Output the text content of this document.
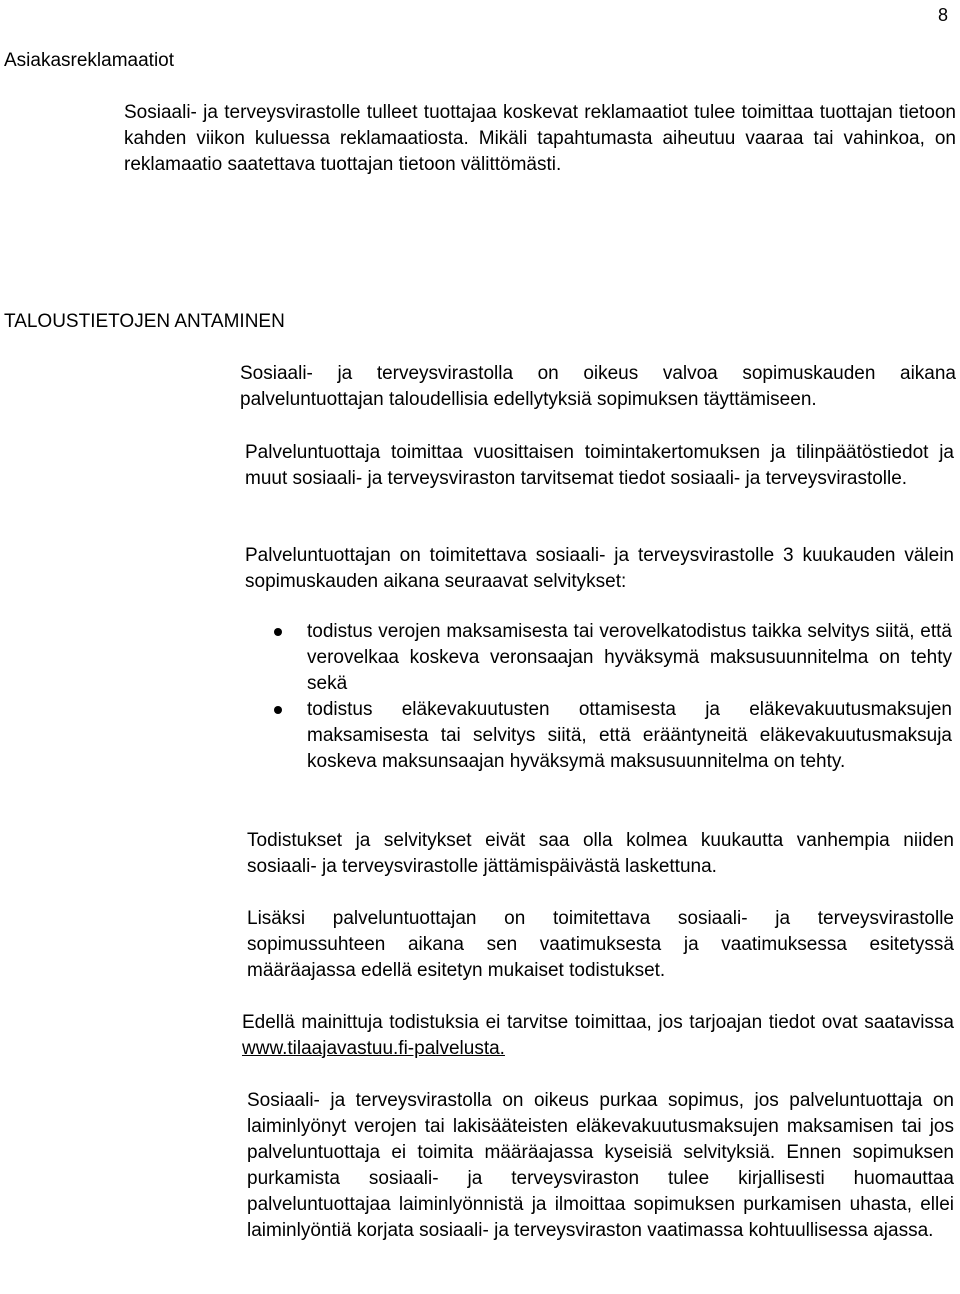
8
Asiakasreklamaatiot

Sosiaali- ja terveysvirastolle tulleet tuottajaa koskevat reklamaatiot tulee toimittaa tuottajan tietoon kahden viikon kuluessa reklamaatiosta. Mikäli tapahtumasta aiheutuu vaaraa tai vahinkoa, on reklamaatio saatettava tuottajan tietoon välittömästi.

TALOUSTIETOJEN ANTAMINEN

Sosiaali- ja terveysvirastolla on oikeus valvoa sopimuskauden aikana palveluntuottajan taloudellisia edellytyksiä sopimuksen täyttämiseen.

Palveluntuottaja toimittaa vuosittaisen toimintakertomuksen ja tilinpäätöstiedot ja muut sosiaali- ja terveysviraston tarvitsemat tiedot sosiaali- ja terveysvirastolle.

Palveluntuottajan on toimitettava sosiaali- ja terveysvirastolle 3 kuukauden välein sopimuskauden aikana seuraavat selvitykset:

todistus verojen maksamisesta tai verovelkatodistus taikka selvitys siitä, että verovelkaa koskeva veronsaajan hyväksymä maksusuunnitelma on tehty sekä
todistus eläkevakuutusten ottamisesta ja eläkevakuutusmaksujen maksamisesta tai selvitys siitä, että erääntyneitä eläkevakuutusmaksuja koskeva maksunsaajan hyväksymä maksusuunnitelma on tehty.

Todistukset ja selvitykset eivät saa olla kolmea kuukautta vanhempia niiden sosiaali- ja terveysvirastolle jättämispäivästä laskettuna.

Lisäksi palveluntuottajan on toimitettava sosiaali- ja terveysvirastolle sopimussuhteen aikana sen vaatimuksesta ja vaatimuksessa esitetyssä määräajassa edellä esitetyn mukaiset todistukset.

Edellä mainittuja todistuksia ei tarvitse toimittaa, jos tarjoajan tiedot ovat saatavissa www.tilaajavastuu.fi-palvelusta.

Sosiaali- ja terveysvirastolla on oikeus purkaa sopimus, jos palveluntuottaja on laiminlyönyt verojen tai lakisääteisten eläkevakuutusmaksujen maksamisen tai jos palveluntuottaja ei toimita määräajassa kyseisiä selvityksiä. Ennen sopimuksen purkamista sosiaali- ja terveysviraston tulee kirjallisesti huomauttaa palveluntuottajaa laiminlyönnistä ja ilmoittaa sopimuksen purkamisen uhasta, ellei laiminlyöntiä korjata sosiaali- ja terveysviraston vaatimassa kohtuullisessa ajassa.
